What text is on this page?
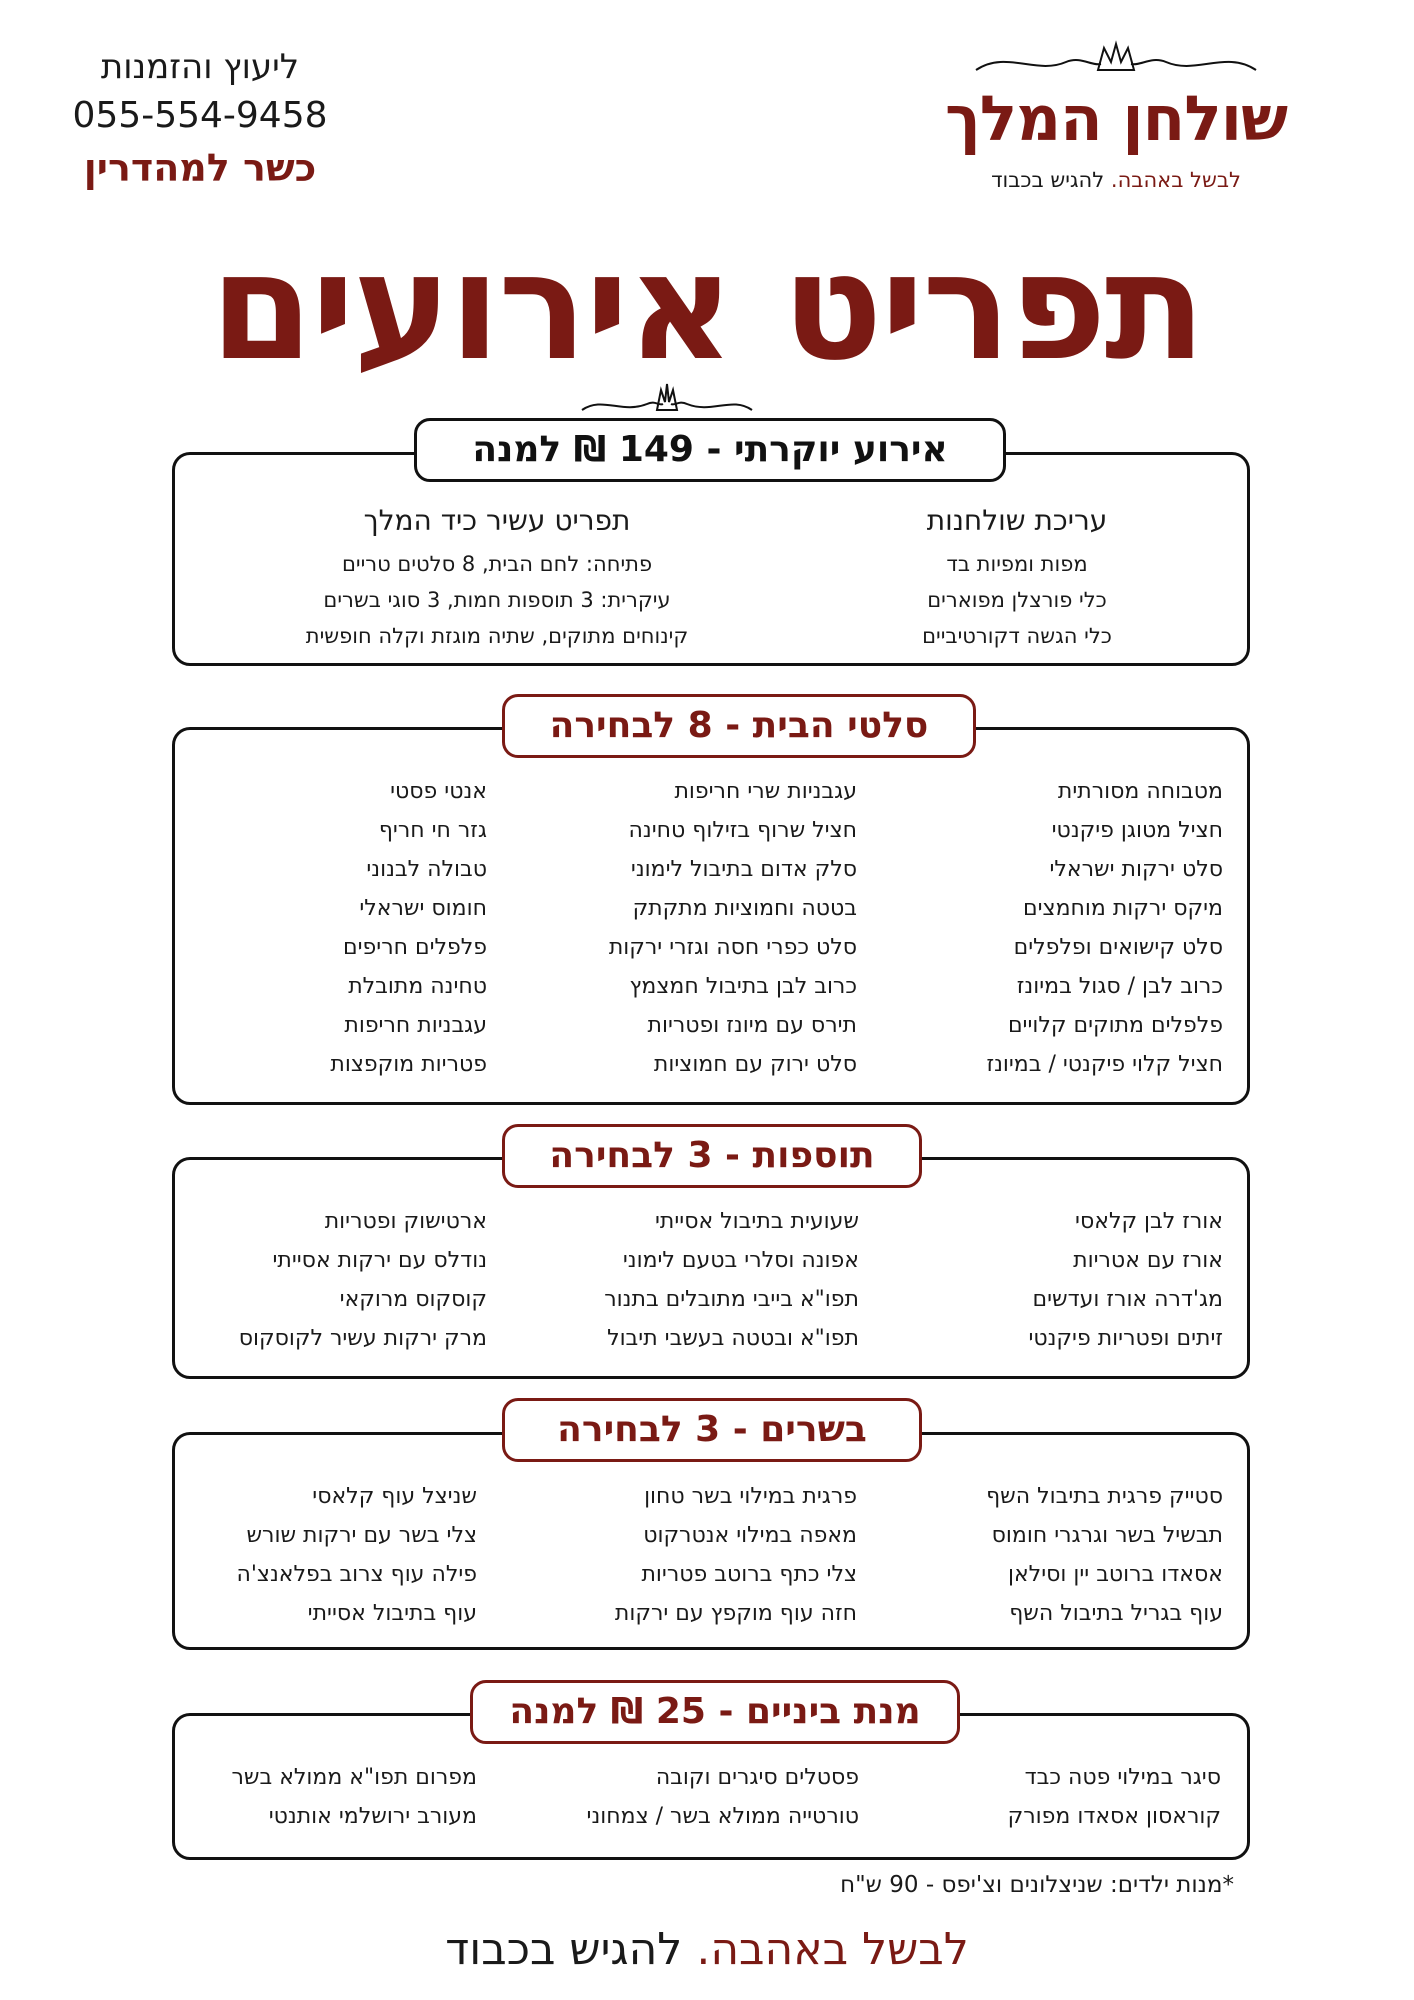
שולחן המלך
לבשל באהבה. להגיש בכבוד
ליעוץ והזמנות
055-554-9458
כשר למהדרין
תפריט אירועים
עריכת שולחנות
מפות ומפיות בד
כלי פורצלן מפוארים
כלי הגשה דקורטיביים
תפריט עשיר כיד המלך
פתיחה: לחם הבית, 8 סלטים טריים
עיקרית: 3 תוספות חמות, 3 סוגי בשרים
קינוחים מתוקים, שתיה מוגזת וקלה חופשית
אירוע יוקרתי - 149 ₪ למנה
מטבוחה מסורתית
חציל מטוגן פיקנטי
סלט ירקות ישראלי
מיקס ירקות מוחמצים
סלט קישואים ופלפלים
כרוב לבן / סגול במיונז
פלפלים מתוקים קלויים
חציל קלוי פיקנטי / במיונז
עגבניות שרי חריפות
חציל שרוף בזילוף טחינה
סלק אדום בתיבול לימוני
בטטה וחמוציות מתקתק
סלט כפרי חסה וגזרי ירקות
כרוב לבן בתיבול חמצמץ
תירס עם מיונז ופטריות
סלט ירוק עם חמוציות
אנטי פסטי
גזר חי חריף
טבולה לבנוני
חומוס ישראלי
פלפלים חריפים
טחינה מתובלת
עגבניות חריפות
פטריות מוקפצות
סלטי הבית - 8 לבחירה
אורז לבן קלאסי
אורז עם אטריות
מג'דרה אורז ועדשים
זיתים ופטריות פיקנטי
שעועית בתיבול אסייתי
אפונה וסלרי בטעם לימוני
תפו"א בייבי מתובלים בתנור
תפו"א ובטטה בעשבי תיבול
ארטישוק ופטריות
נודלס עם ירקות אסייתי
קוסקוס מרוקאי
מרק ירקות עשיר לקוסקוס
תוספות - 3 לבחירה
סטייק פרגית בתיבול השף
תבשיל בשר וגרגרי חומוס
אסאדו ברוטב יין וסילאן
עוף בגריל בתיבול השף
פרגית במילוי בשר טחון
מאפה במילוי אנטרקוט
צלי כתף ברוטב פטריות
חזה עוף מוקפץ עם ירקות
שניצל עוף קלאסי
צלי בשר עם ירקות שורש
פילה עוף צרוב בפלאנצ'ה
עוף בתיבול אסייתי
בשרים - 3 לבחירה
סיגר במילוי פטה כבד
קוראסון אסאדו מפורק
פסטלים סיגרים וקובה
טורטייה ממולא בשר / צמחוני
מפרום תפו"א ממולא בשר
מעורב ירושלמי אותנטי
מנת ביניים - 25 ₪ למנה
*מנות ילדים: שניצלונים וצ'יפס - 90 ש"ח
לבשל באהבה. להגיש בכבוד
